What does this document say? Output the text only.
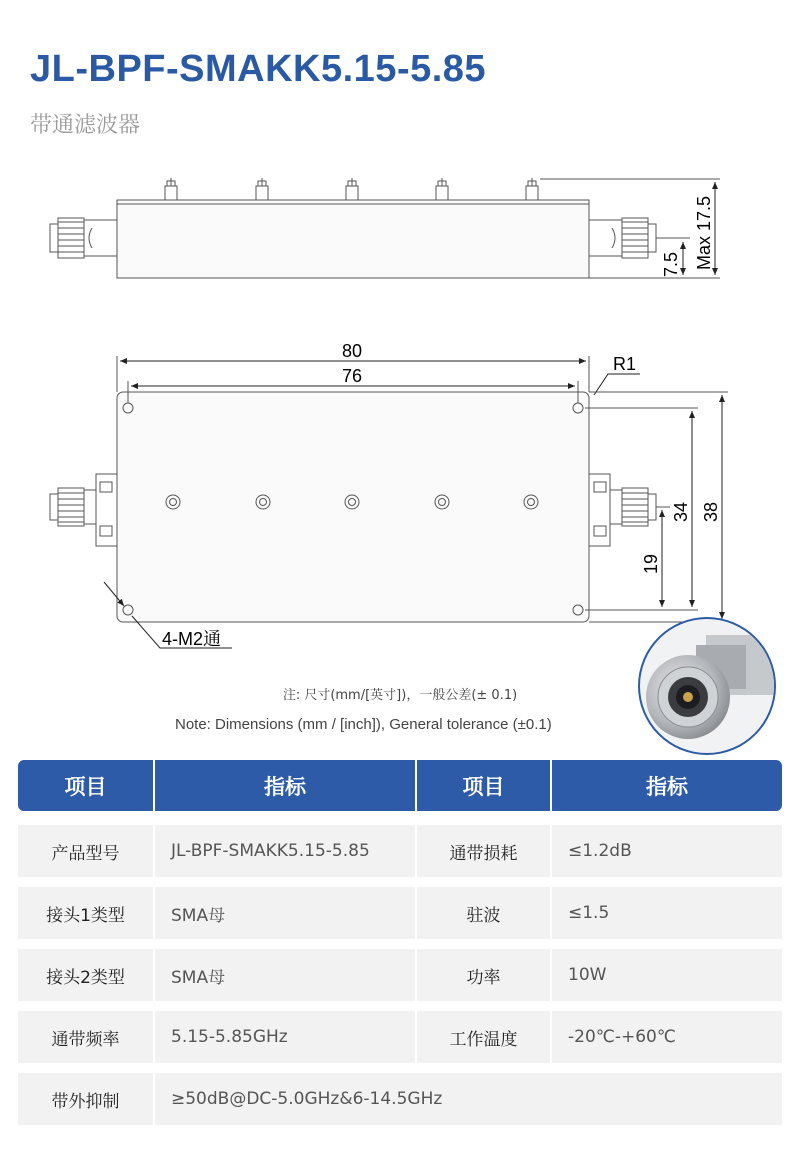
JL-BPF-SMAKK5.15-5.85
带通滤波器
Max 17.5
7.5
80
76
R1
34 38
19
4-M2通
注: 尺寸(mm/[英寸])，一般公差(± 0.1)
Note: Dimensions (mm / [inch]), General tolerance (±0.1)
项目	指标	项目	指标
产品型号	JL-BPF-SMAKK5.15-5.85	通带损耗	≤1.2dB
接头1类型	SMA母	驻波	≤1.5
接头2类型	SMA母	功率	10W
通带频率	5.15-5.85GHz	工作温度	-20℃-+60℃
带外抑制	≥50dB@DC-5.0GHz&6-14.5GHz
